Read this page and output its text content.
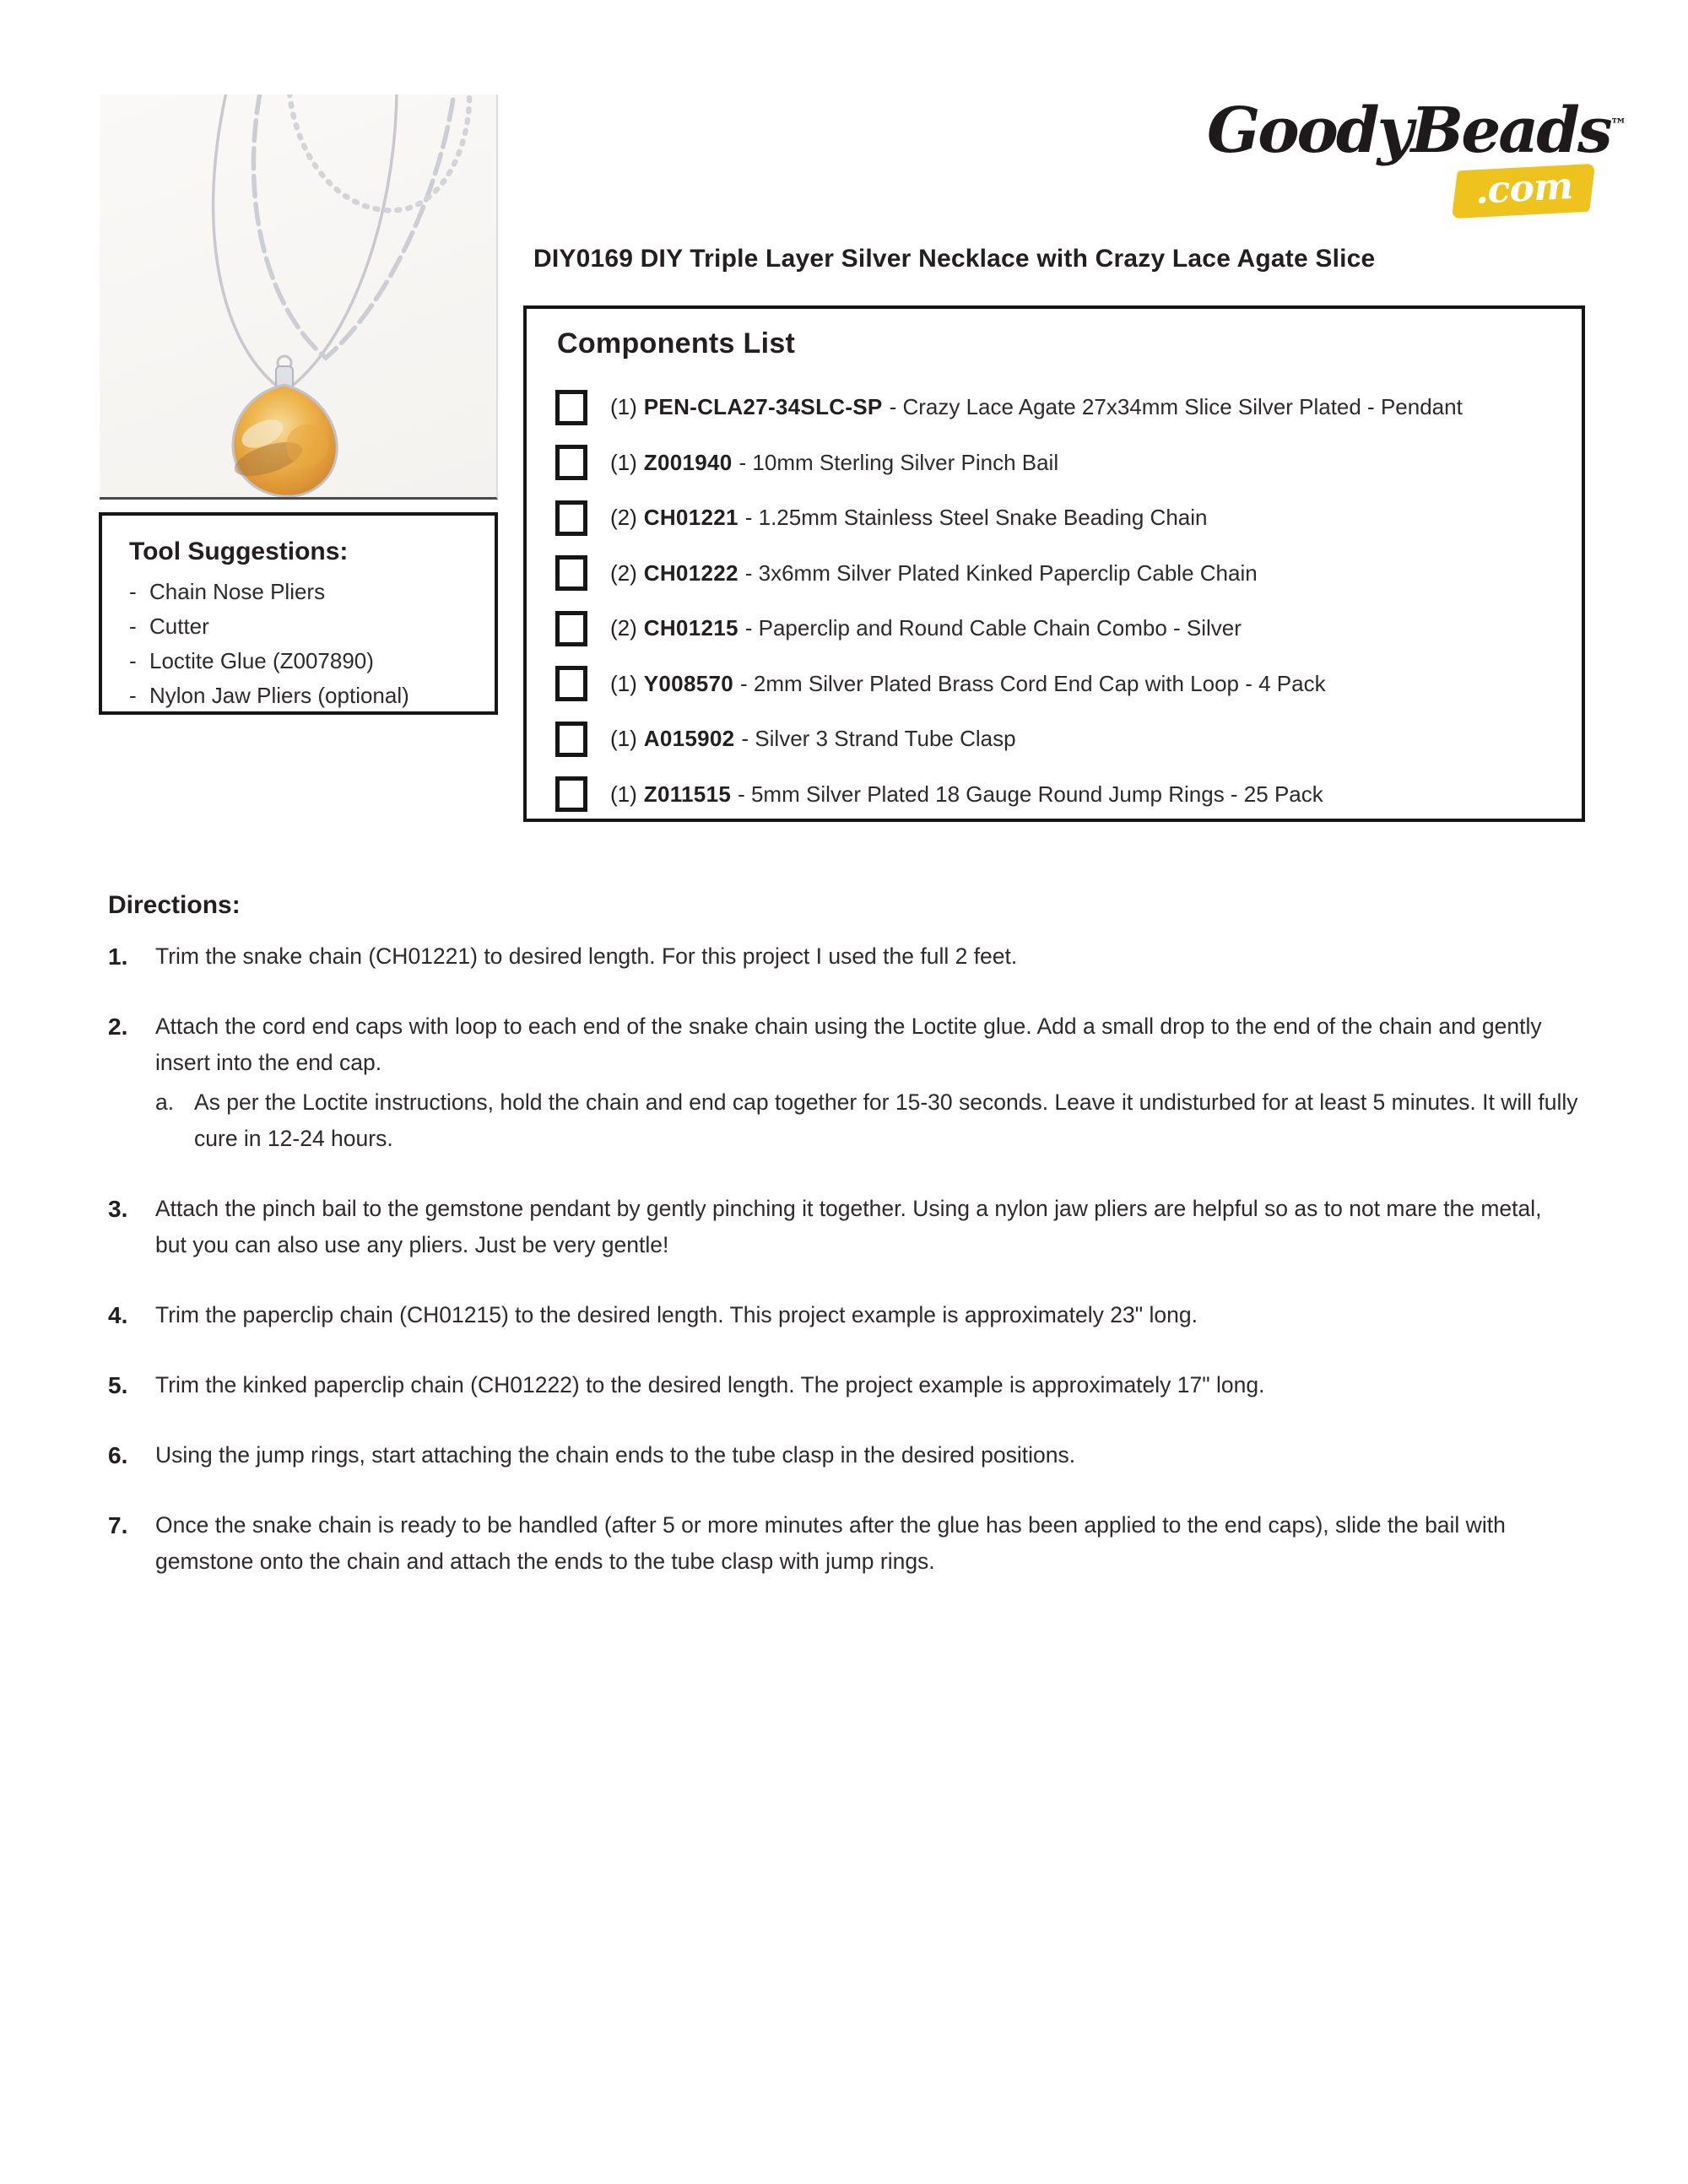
GoodyBeads™
.com
DIY0169 DIY Triple Layer Silver Necklace with Crazy Lace Agate Slice
Components List
(1) PEN-CLA27-34SLC-SP - Crazy Lace Agate 27x34mm Slice Silver Plated - Pendant
(1) Z001940 - 10mm Sterling Silver Pinch Bail
(2) CH01221 - 1.25mm Stainless Steel Snake Beading Chain
(2) CH01222 - 3x6mm Silver Plated Kinked Paperclip Cable Chain
(2) CH01215 - Paperclip and Round Cable Chain Combo - Silver
(1) Y008570 - 2mm Silver Plated Brass Cord End Cap with Loop - 4 Pack
(1) A015902 - Silver 3 Strand Tube Clasp
(1) Z011515 - 5mm Silver Plated 18 Gauge Round Jump Rings - 25 Pack
Tool Suggestions:
- Chain Nose Pliers
- Cutter
- Loctite Glue (Z007890)
- Nylon Jaw Pliers (optional)
Directions:
1.	Trim the snake chain (CH01221) to desired length. For this project I used the full 2 feet.
2.	Attach the cord end caps with loop to each end of the snake chain using the Loctite glue. Add a small drop to the end of the chain and gently insert into the end cap.
a. As per the Loctite instructions, hold the chain and end cap together for 15-30 seconds. Leave it undisturbed for at least 5 minutes. It will fully cure in 12-24 hours.
3.	Attach the pinch bail to the gemstone pendant by gently pinching it together. Using a nylon jaw pliers are helpful so as to not mare the metal, but you can also use any pliers. Just be very gentle!
4.	Trim the paperclip chain (CH01215) to the desired length. This project example is approximately 23" long.
5.	Trim the kinked paperclip chain (CH01222) to the desired length. The project example is approximately 17" long.
6.	Using the jump rings, start attaching the chain ends to the tube clasp in the desired positions.
7.	Once the snake chain is ready to be handled (after 5 or more minutes after the glue has been applied to the end caps), slide the bail with gemstone onto the chain and attach the ends to the tube clasp with jump rings.
